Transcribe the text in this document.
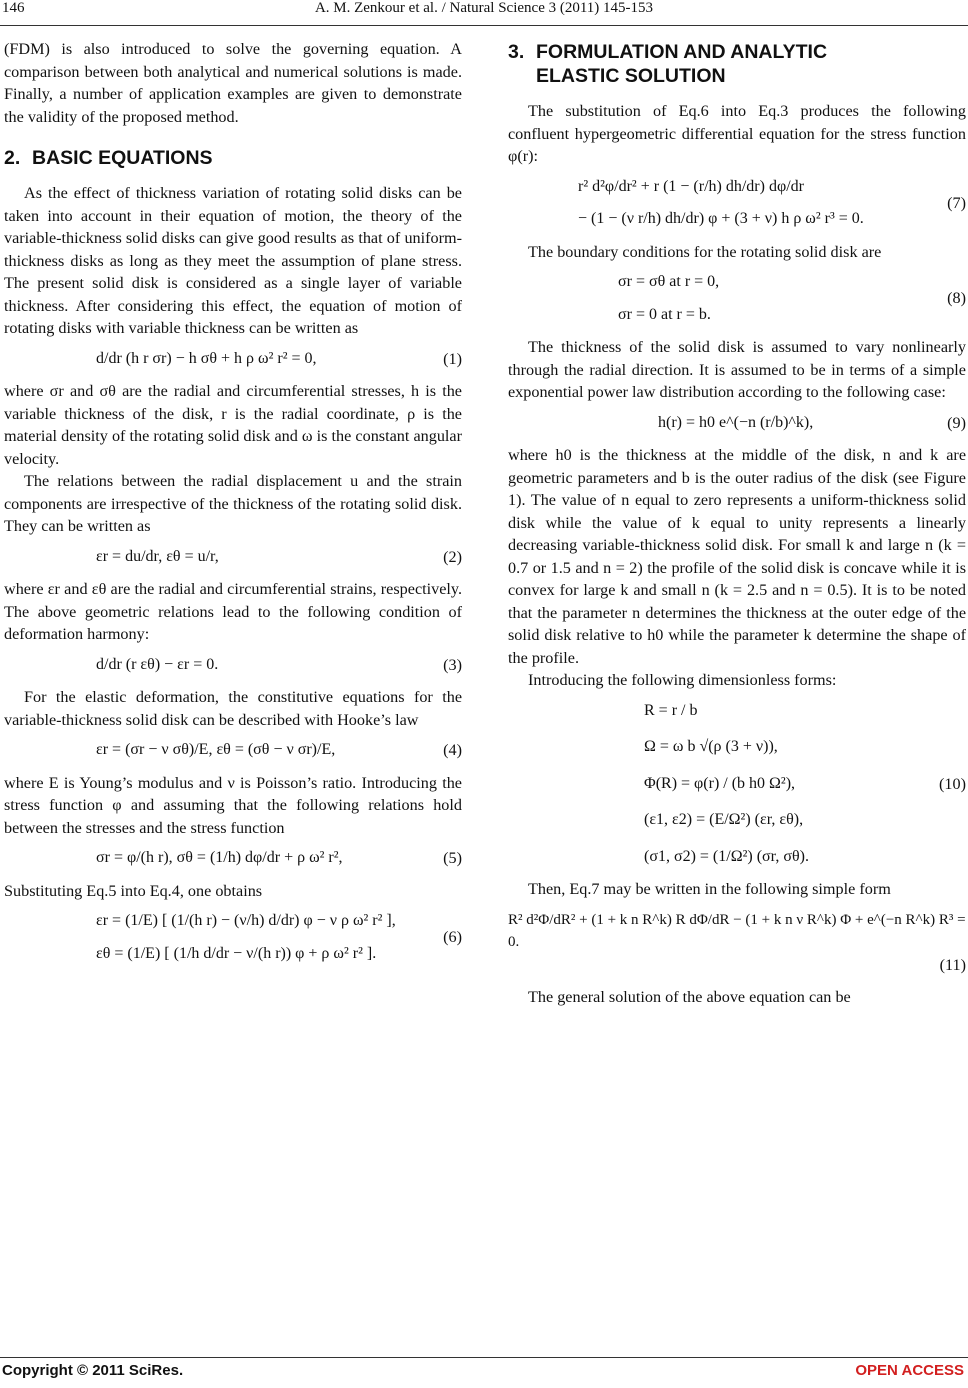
146	A. M. Zenkour et al. / Natural Science 3 (2011) 145-153

(FDM) is also introduced to solve the governing equation. A comparison between both analytical and numerical solutions is made. Finally, a number of application examples are given to demonstrate the validity of the proposed method.

2. BASIC EQUATIONS

As the effect of thickness variation of rotating solid disks can be taken into account in their equation of motion, the theory of the variable-thickness solid disks can give good results as that of uniform-thickness disks as long as they meet the assumption of plane stress. The present solid disk is considered as a single layer of variable thickness. After considering this effect, the equation of motion of rotating disks with variable thickness can be written as

d/dr (h r σr) − h σθ + h ρ ω² r² = 0,	(1)

where σr and σθ are the radial and circumferential stresses, h is the variable thickness of the disk, r is the radial coordinate, ρ is the material density of the rotating solid disk and ω is the constant angular velocity.

The relations between the radial displacement u and the strain components are irrespective of the thickness of the rotating solid disk. They can be written as

εr = du/dr, εθ = u/r,	(2)

where εr and εθ are the radial and circumferential strains, respectively. The above geometric relations lead to the following condition of deformation harmony:

d/dr (r εθ) − εr = 0.	(3)

For the elastic deformation, the constitutive equations for the variable-thickness solid disk can be described with Hooke’s law

εr = (σr − ν σθ)/E, εθ = (σθ − ν σr)/E,	(4)

where E is Young’s modulus and ν is Poisson’s ratio. Introducing the stress function φ and assuming that the following relations hold between the stresses and the stress function

σr = φ/(h r), σθ = (1/h) dφ/dr + ρ ω² r²,	(5)

Substituting Eq.5 into Eq.4, one obtains

εr = (1/E) [ (1/(h r) − (ν/h) d/dr) φ − ν ρ ω² r² ],
εθ = (1/E) [ (1/h d/dr − ν/(h r)) φ + ρ ω² r² ].
(6)
3. FORMULATION AND ANALYTIC
ELASTIC SOLUTION

The substitution of Eq.6 into Eq.3 produces the following confluent hypergeometric differential equation for the stress function φ(r):

r² d²φ/dr² + r (1 − (r/h) dh/dr) dφ/dr
− (1 − (ν r/h) dh/dr) φ + (3 + ν) h ρ ω² r³ = 0.
(7)

The boundary conditions for the rotating solid disk are

σr = σθ at r = 0,
σr = 0 at r = b.
(8)

The thickness of the solid disk is assumed to vary nonlinearly through the radial direction. It is assumed to be in terms of a simple exponential power law distribution according to the following case:

h(r) = h0 e^(−n (r/b)^k),	(9)

where h0 is the thickness at the middle of the disk, n and k are geometric parameters and b is the outer radius of the disk (see Figure 1). The value of n equal to zero represents a uniform-thickness solid disk while the value of k equal to unity represents a linearly decreasing variable-thickness solid disk. For small k and large n (k = 0.7 or 1.5 and n = 2) the profile of the solid disk is concave while it is convex for large k and small n (k = 2.5 and n = 0.5). It is to be noted that the parameter n determines the thickness at the outer edge of the solid disk relative to h0 while the parameter k determine the shape of the profile.

Introducing the following dimensionless forms:

R = r / b
Ω = ω b √(ρ (3 + ν)),
Φ(R) = φ(r) / (b h0 Ω²),
(ε1, ε2) = (E/Ω²) (εr, εθ),
(σ1, σ2) = (1/Ω²) (σr, σθ).
(10)

Then, Eq.7 may be written in the following simple form

R² d²Φ/dR² + (1 + k n R^k) R dΦ/dR − (1 + k n ν R^k) Φ + e^(−n R^k) R³ = 0.
(11)

The general solution of the above equation can be

Copyright © 2011 SciRes.	OPEN ACCESS
